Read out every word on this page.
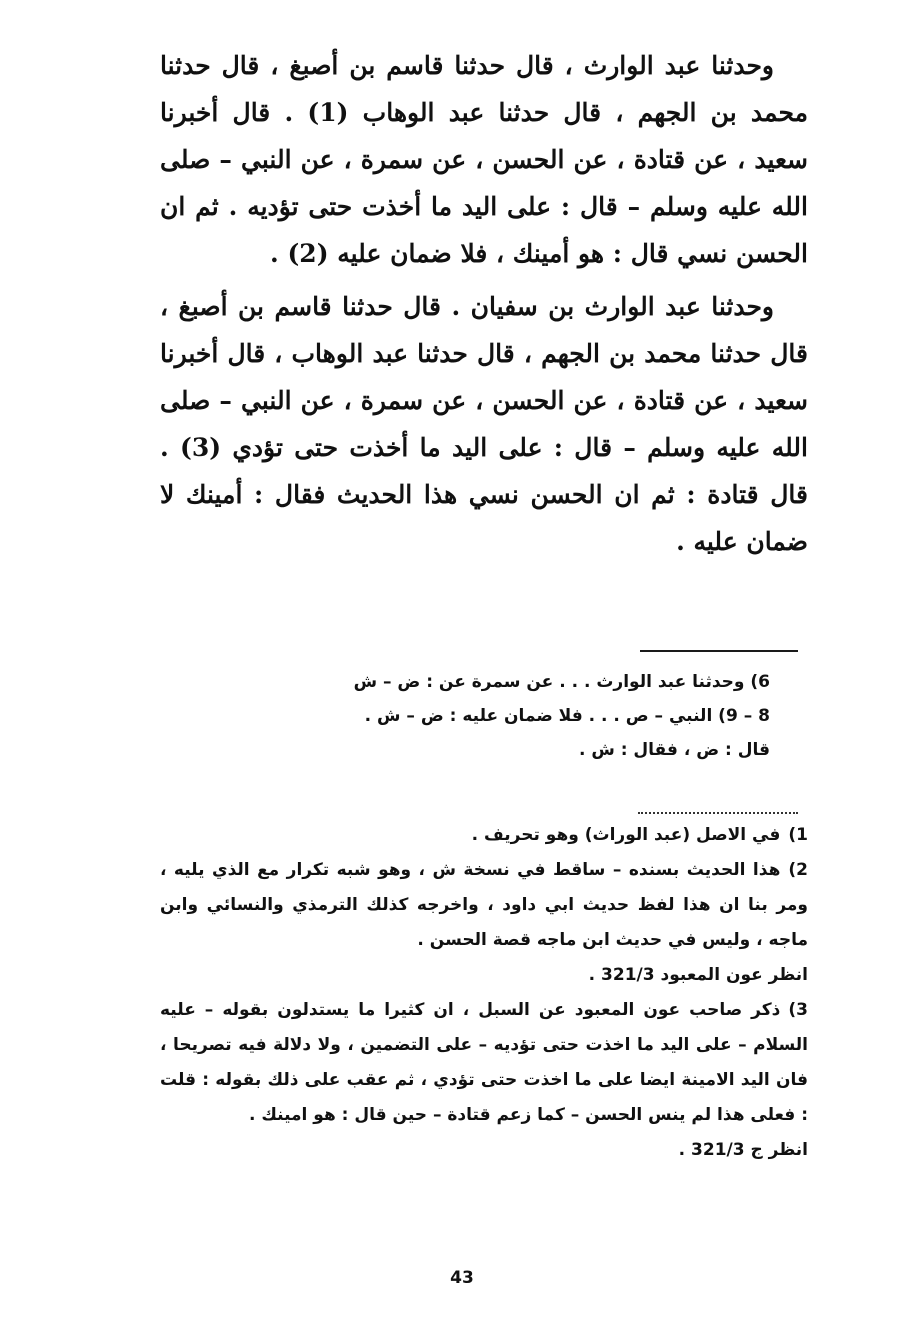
وحدثنا عبد الوارث ، قال حدثنا قاسم بن أصبغ ، قال حدثنا محمد بن الجهم ، قال حدثنا عبد الوهاب (1) . قال أخبرنا سعيد ، عن قتادة ، عن الحسن ، عن سمرة ، عن النبي – صلى الله عليه وسلم – قال : على اليد ما أخذت حتى تؤديه . ثم ان الحسن نسي قال : هو أمينك ، فلا ضمان عليه (2) .

وحدثنا عبد الوارث بن سفيان . قال حدثنا قاسم بن أصبغ ، قال حدثنا محمد بن الجهم ، قال حدثنا عبد الوهاب ، قال أخبرنا سعيد ، عن قتادة ، عن الحسن ، عن سمرة ، عن النبي – صلى الله عليه وسلم – قال : على اليد ما أخذت حتى تؤدي (3) . قال قتادة : ثم ان الحسن نسي هذا الحديث فقال : أمينك لا ضمان عليه .

6) وحدثنا عبد الوارث . . . عن سمرة عن : ض – ش
8 – 9) النبي – ص . . . فلا ضمان عليه : ض – ش .
قال : ض ، فقال : ش .

1)في الاصل (عبد الوراث) وهو تحريف .

2)هذا الحديث بسنده – ساقط في نسخة ش ، وهو شبه تكرار مع الذي يليه ، ومر بنا ان هذا لفظ حديث ابي داود ، واخرجه كذلك الترمذي والنسائي وابن ماجه ، وليس في حديث ابن ماجه قصة الحسن .

انظر عون المعبود 321/3 .

3)ذكر صاحب عون المعبود عن السبل ، ان كثيرا ما يستدلون بقوله – عليه السلام – على اليد ما اخذت حتى تؤديه – على التضمين ، ولا دلالة فيه تصريحا ، فان اليد الامينة ايضا على ما اخذت حتى تؤدي ، ثم عقب على ذلك بقوله : قلت : فعلى هذا لم ينس الحسن – كما زعم قتادة – حين قال : هو امينك .

انظر ج 321/3 .

43
